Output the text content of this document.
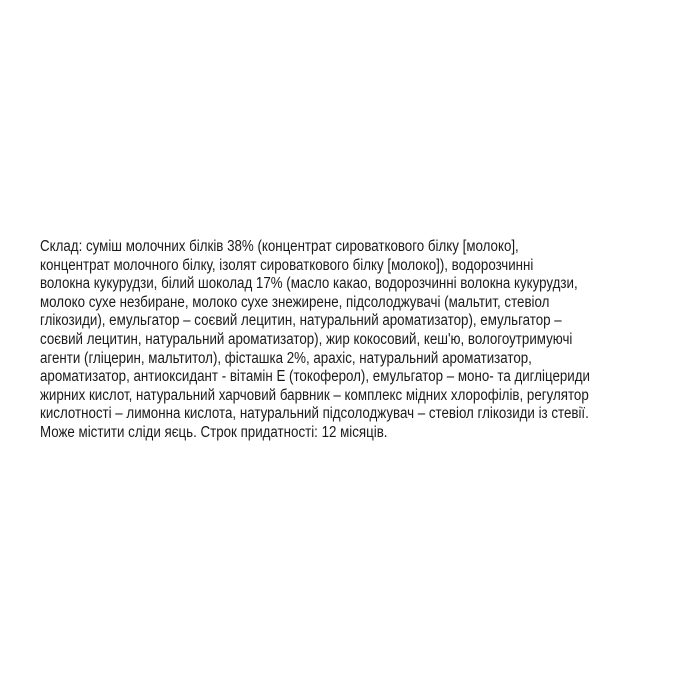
Склад: суміш молочних білків 38% (концентрат сироваткового білку [молоко],
концентрат молочного білку, ізолят сироваткового білку [молоко]), водорозчинні
волокна кукурудзи, білий шоколад 17% (масло какао, водорозчинні волокна кукурудзи,
молоко сухе незбиране, молоко сухе знежирене, підсолоджувачі (мальтит, стевіол
глікозиди), емульгатор – соєвий лецитин, натуральний ароматизатор), емульгатор –
соєвий лецитин, натуральний ароматизатор), жир кокосовий, кеш'ю, вологоутримуючі
агенти (гліцерин, мальтитол), фісташка 2%, арахіс, натуральний ароматизатор,
ароматизатор, антиоксидант - вітамін Е (токоферол), емульгатор – моно- та дигліцериди
жирних кислот, натуральний харчовий барвник – комплекс мідних хлорофілів, регулятор
кислотності – лимонна кислота, натуральний підсолоджувач – стевіол глікозиди із стевії.
Може містити сліди яєць. Строк придатності: 12 місяців.
